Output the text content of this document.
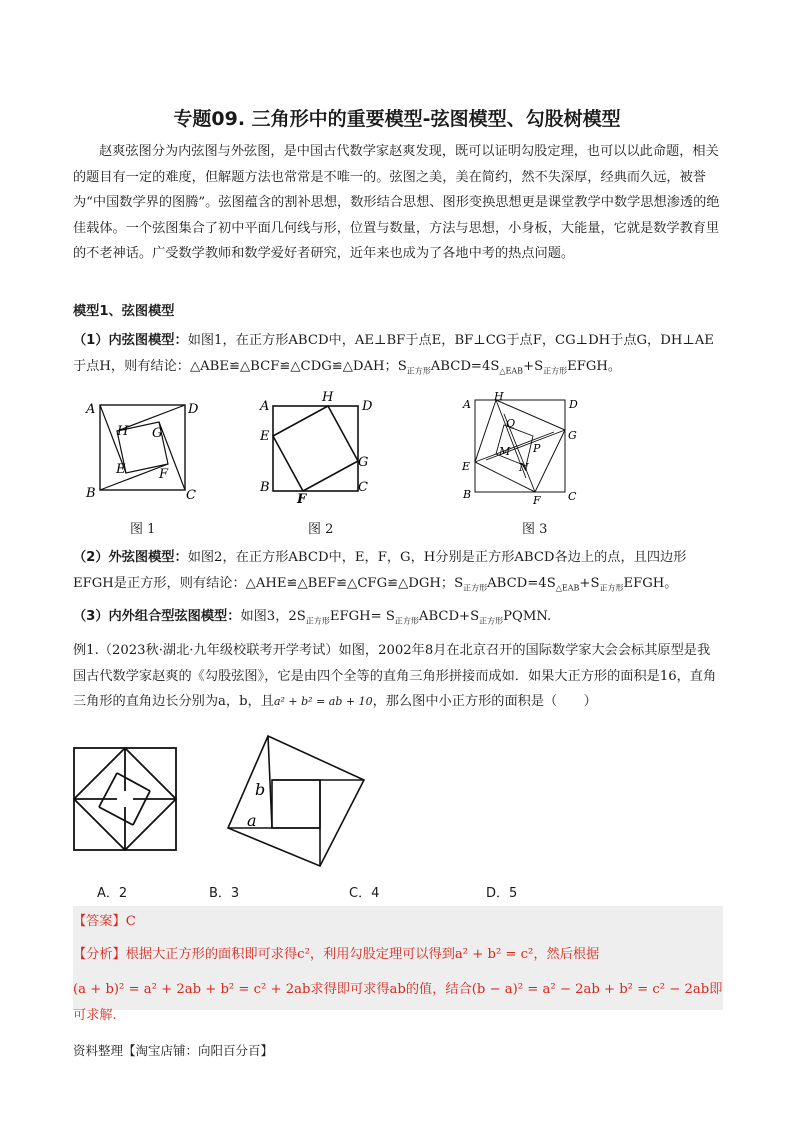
专题09. 三角形中的重要模型-弦图模型、勾股树模型
赵爽弦图分为内弦图与外弦图，是中国古代数学家赵爽发现，既可以证明勾股定理，也可以以此命题，相关的题目有一定的难度，但解题方法也常常是不唯一的。弦图之美，美在简约，然不失深厚，经典而久远，被誉为“中国数学界的图腾”。弦图蕴含的割补思想，数形结合思想、图形变换思想更是课堂教学中数学思想渗透的绝佳载体。一个弦图集合了初中平面几何线与形，位置与数量，方法与思想，小身板，大能量，它就是数学教育里的不老神话。广受数学教师和数学爱好者研究，近年来也成为了各地中考的热点问题。
模型1、弦图模型
（1）内弦图模型：如图1，在正方形ABCD中，AE⊥BF于点E，BF⊥CG于点F，CG⊥DH于点G，DH⊥AE于点H，则有结论：△ABE≌△BCF≌△CDG≌△DAH；$S_{正方形}ABCD=4S_{\triangle EAB}+S_{正方形}EFGH$。
A	D
H G
E	F
B	C
A
H
D
E
G
B
F
C
A
H
D
Q
G
P
M
N
E
B	F C
图 1	图 2	图 3
（2）外弦图模型：如图2，在正方形ABCD中，E，F，G，H分别是正方形ABCD各边上的点，且四边形EFGH是正方形，则有结论：△AHE≌△BEF≌△CFG≌△DGH；$S_{正方形}ABCD=4S_{\triangle EAB}+S_{正方形}EFGH$。
（3）内外组合型弦图模型：如图3，$2S_{正方形}EFGH=$ $S_{正方形}ABCD+S_{正方形}PQMN$.
例1.（2023秋·湖北·九年级校联考开学考试）如图，2002年8月在北京召开的国际数学家大会会标其原型是我国古代数学家赵爽的《勾股弦图》，它是由四个全等的直角三角形拼接而成如．如果大正方形的面积是16，直角三角形的直角边长分别为a，b，且a² + b² = ab + 10，那么图中小正方形的面积是（　　）
b
a
A．2	B．3	C．4	D．5
【答案】C
【分析】根据大正方形的面积即可求得c²，利用勾股定理可以得到a² + b² = c²，然后根据
(a + b)² = a² + 2ab + b² = c² + 2ab求得即可求得ab的值，结合(b − a)² = a² − 2ab + b² = c² − 2ab即可求解.
资料整理【淘宝店铺：向阳百分百】
